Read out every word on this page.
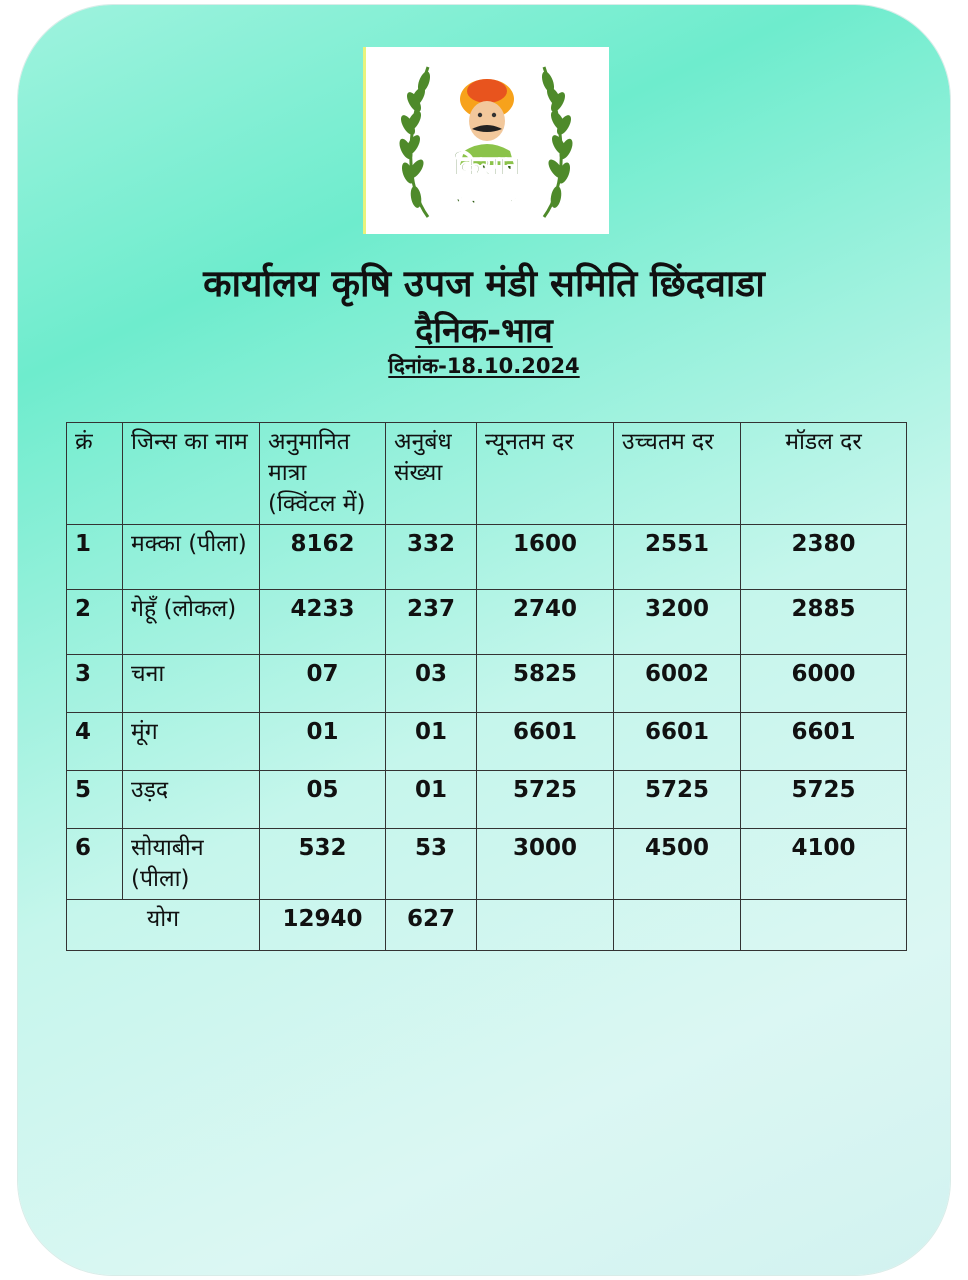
किसान
समाचार
कार्यालय कृषि उपज मंडी समिति छिंदवाडा
दैनिक-भाव
दिनांक-18.10.2024
क्रं	जिन्स का नाम	अनुमानित मात्रा (क्विंटल में)	अनुबंध संख्या	न्यूनतम दर	उच्चतम दर	मॉडल दर
1	मक्का (पीला)	8162	332	1600	2551	2380
2	गेहूँ (लोकल)	4233	237	2740	3200	2885
3	चना	07	03	5825	6002	6000
4	मूंग	01	01	6601	6601	6601
5	उड़द	05	01	5725	5725	5725
6	सोयाबीन (पीला)	532	53	3000	4500	4100
योग		12940	627			
